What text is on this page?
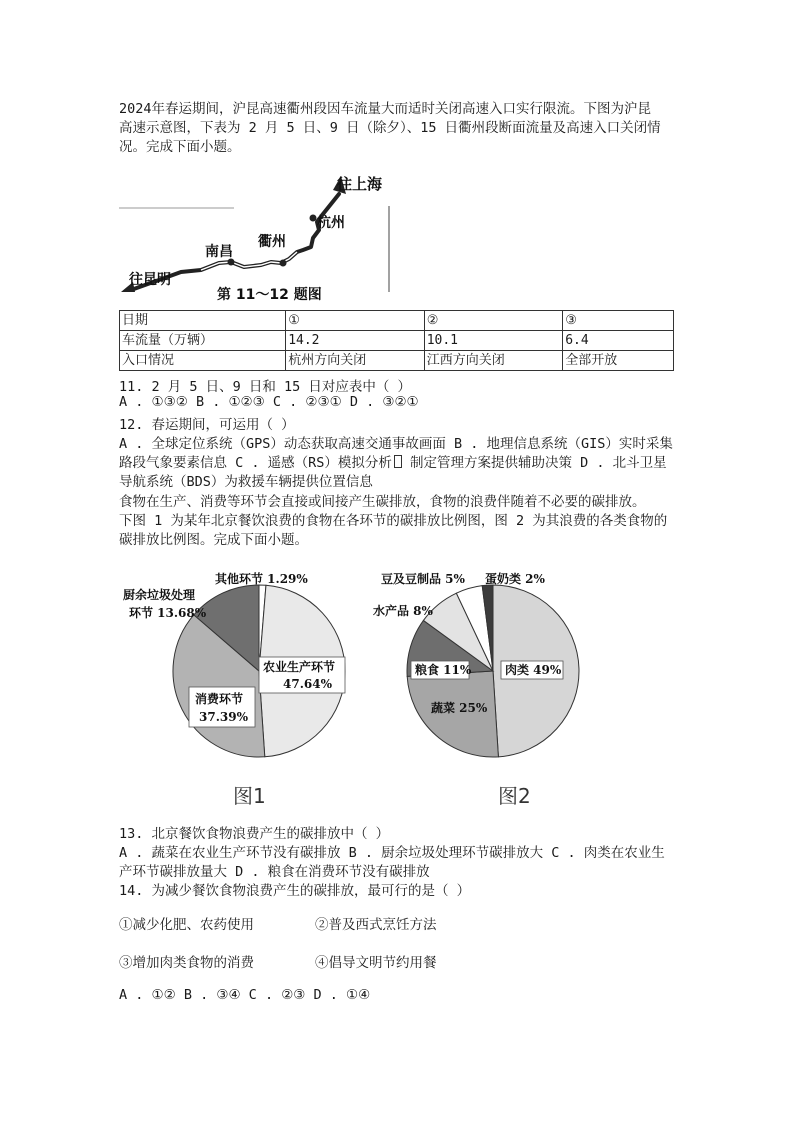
2024年春运期间，沪昆高速衢州段因车流量大而适时关闭高速入口实行限流。下图为沪昆
高速示意图，下表为 2 月 5 日、9 日（除夕）、15 日衢州段断面流量及高速入口关闭情
况。完成下面小题。
往上海
杭州
衢州
南昌
往昆明
第 11～12 题图
日期	①	②	③
车流量（万辆）	14.2	10.1	6.4
入口情况	杭州方向关闭	江西方向关闭	全部开放
11. 2 月 5 日、9 日和 15 日对应表中（ ）
A . ①③② B . ①②③ C . ②③① D . ③②①
12. 春运期间，可运用（ ）
A . 全球定位系统（GPS）动态获取高速交通事故画面 B . 地理信息系统（GIS）实时采集
路段气象要素信息 C . 遥感（RS）模拟分析 制定管理方案提供辅助决策 D . 北斗卫星
导航系统（BDS）为救援车辆提供位置信息
食物在生产、消费等环节会直接或间接产生碳排放，食物的浪费伴随着不必要的碳排放。
下图 1 为某年北京餐饮浪费的食物在各环节的碳排放比例图，图 2 为其浪费的各类食物的
碳排放比例图。完成下面小题。
其他环节 1.29%
厨余垃圾处理
环节 13.68%
农业生产环节
47.64%
消费环节
37.39%
图1
豆及豆制品 5% 蛋奶类 2%
水产品 8%
粮食 11%	肉类 49%
蔬菜 25%
图2
13. 北京餐饮食物浪费产生的碳排放中（ ）
A . 蔬菜在农业生产环节没有碳排放 B . 厨余垃圾处理环节碳排放大 C . 肉类在农业生
产环节碳排放量大 D . 粮食在消费环节没有碳排放
14. 为减少餐饮食物浪费产生的碳排放，最可行的是（ ）
①减少化肥、农药使用	②普及西式烹饪方法
③增加肉类食物的消费	④倡导文明节约用餐
A . ①② B . ③④ C . ②③ D . ①④
